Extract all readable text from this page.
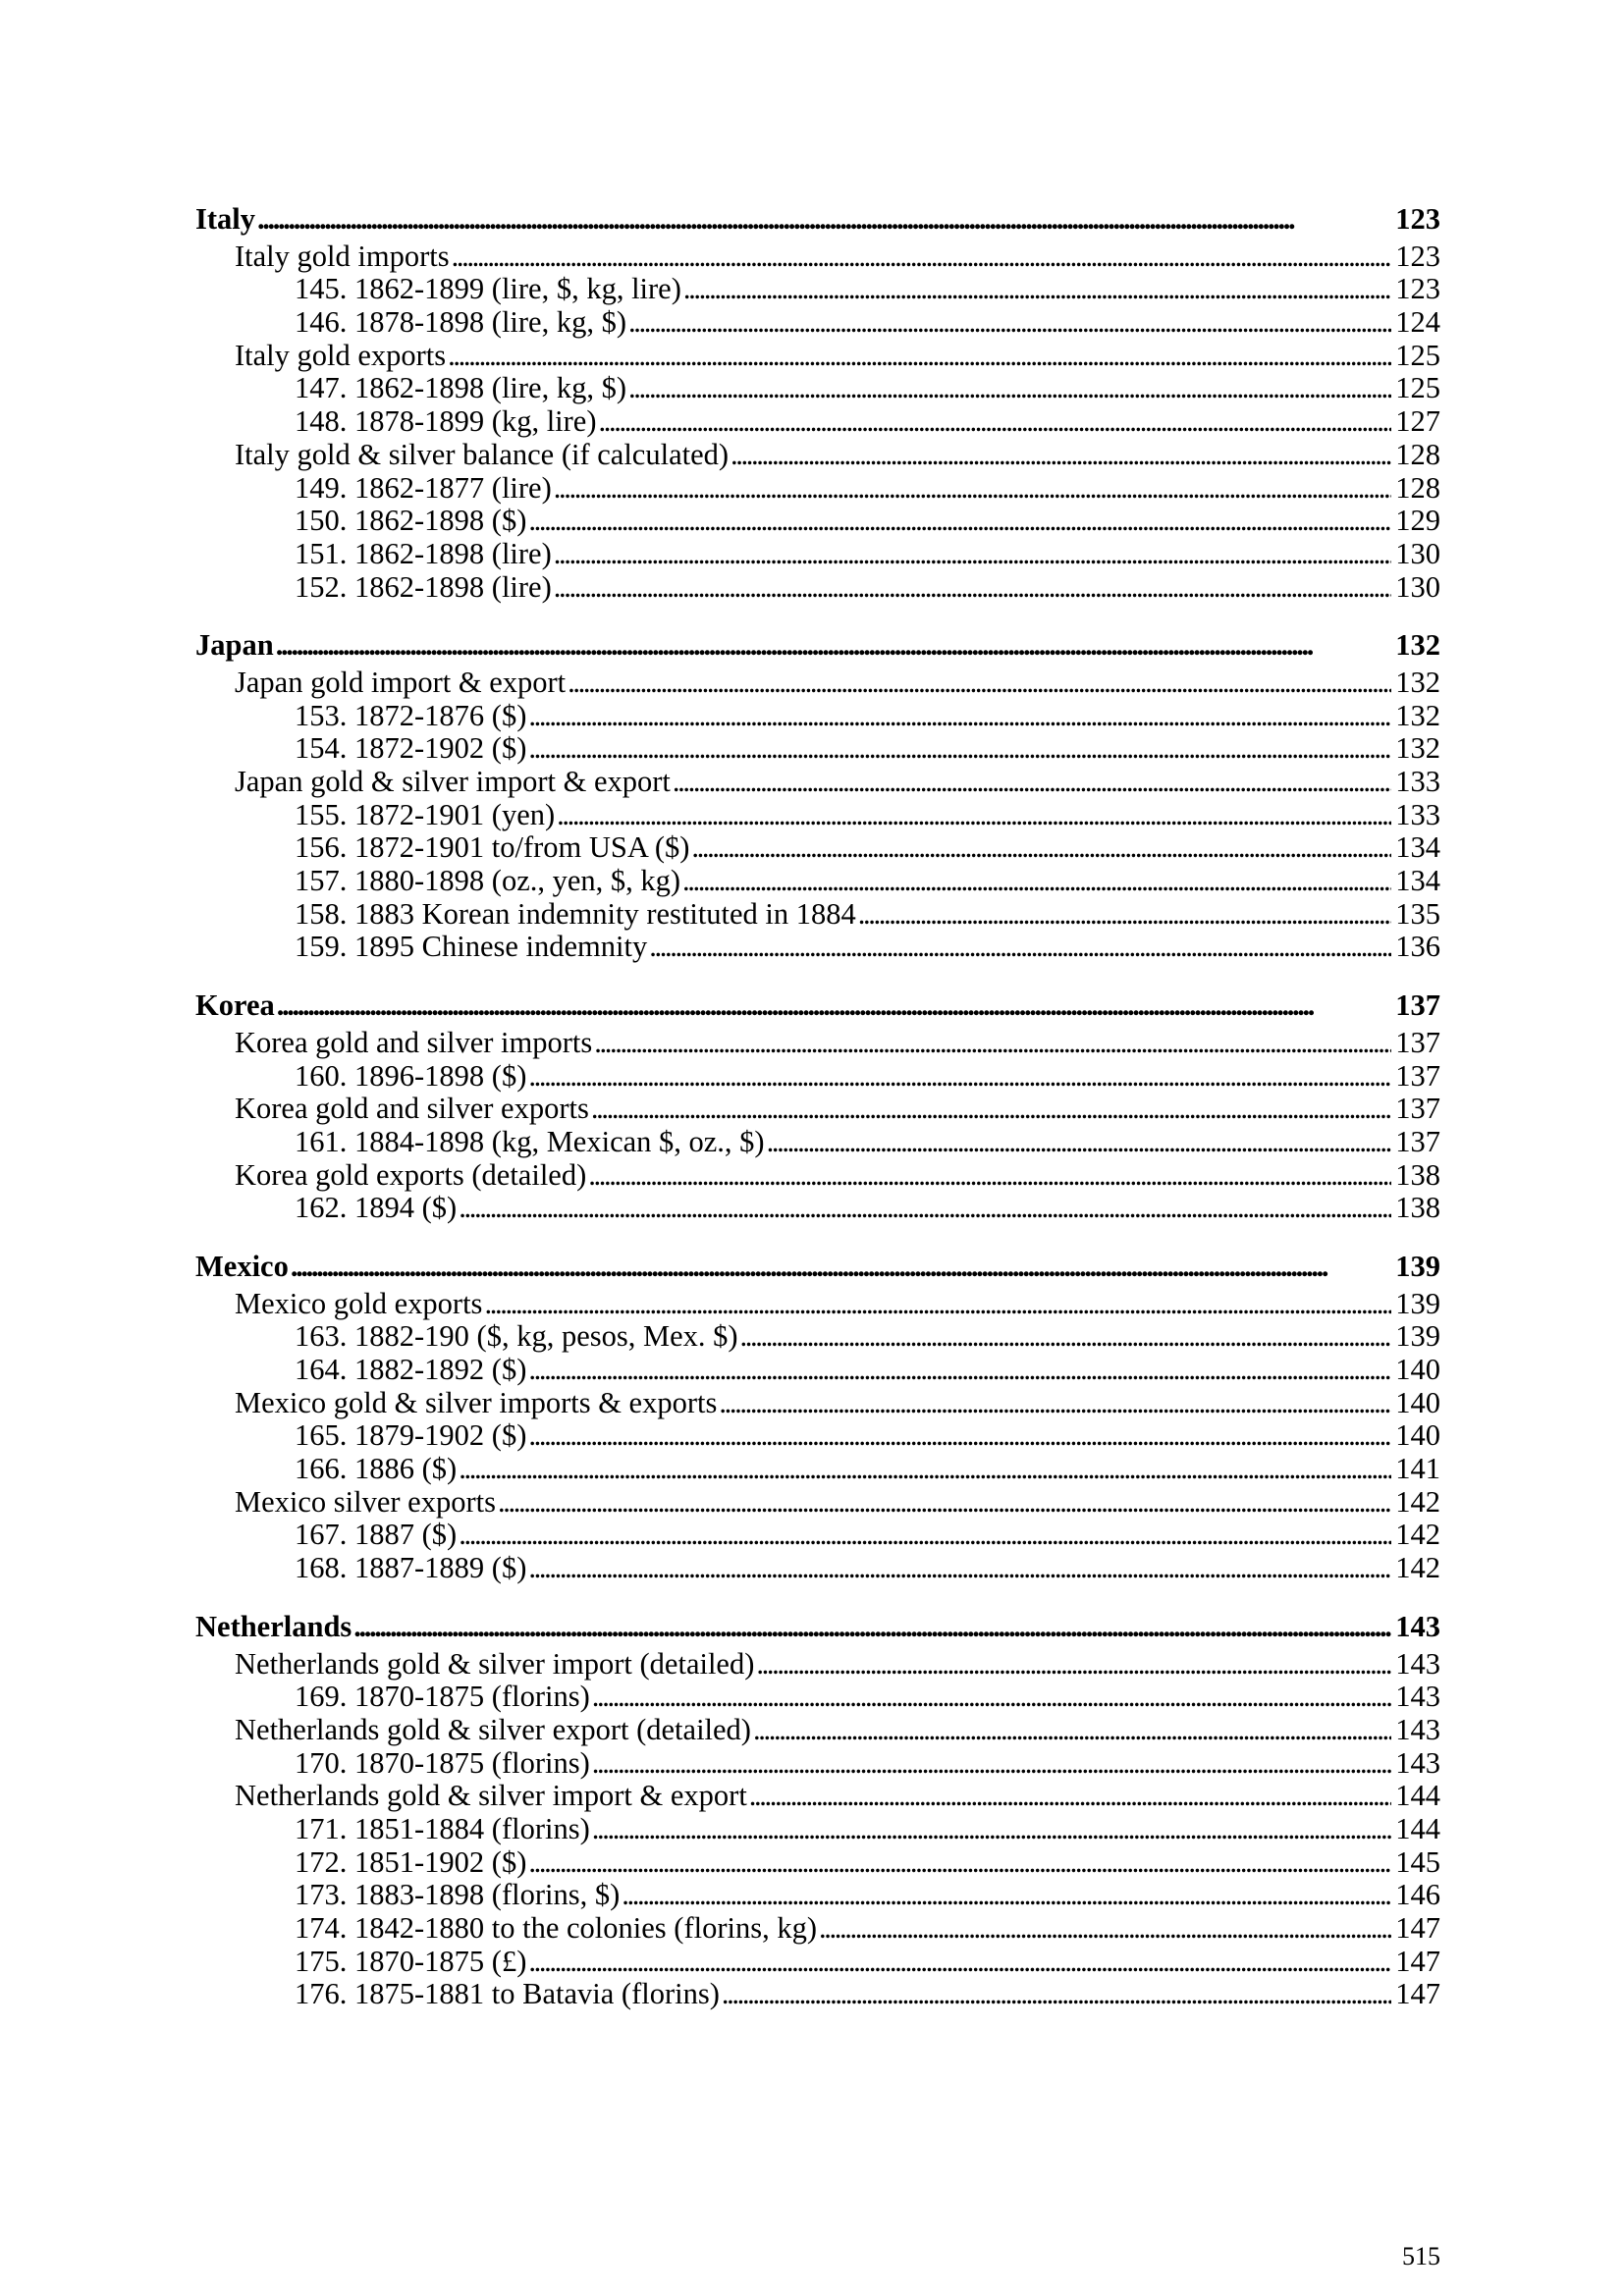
Italy . . .	123
Italy gold imports . . .	123
145. 1862-1899 (lire, $, kg, lire) . . .	123
146. 1878-1898 (lire, kg, $) . . .	124
Italy gold exports . . .	125
147. 1862-1898 (lire, kg, $) . . .	125
148. 1878-1899 (kg, lire) . . .	127
Italy gold & silver balance (if calculated) . . .	128
149. 1862-1877 (lire) . . .	128
150. 1862-1898 ($) . . .	129
151. 1862-1898 (lire) . . .	130
152. 1862-1898 (lire) . . .	130
Japan . . .	132
Japan gold import & export . . .	132
153. 1872-1876 ($) . . .	132
154. 1872-1902 ($) . . .	132
Japan gold & silver import & export . . .	133
155. 1872-1901 (yen) . . .	133
156. 1872-1901 to/from USA ($) . . .	134
157. 1880-1898 (oz., yen, $, kg) . . .	134
158. 1883 Korean indemnity restituted in 1884 . . .	135
159. 1895 Chinese indemnity . . .	136
Korea . . .	137
Korea gold and silver imports . . .	137
160. 1896-1898 ($) . . .	137
Korea gold and silver exports . . .	137
161. 1884-1898 (kg, Mexican $, oz., $) . . .	137
Korea gold exports (detailed) . . .	138
162. 1894 ($) . . .	138
Mexico . . .	139
Mexico gold exports . . .	139
163. 1882-190 ($, kg, pesos, Mex. $) . . .	139
164. 1882-1892 ($) . . .	140
Mexico gold & silver imports & exports . . .	140
165. 1879-1902 ($) . . .	140
166. 1886 ($) . . .	141
Mexico silver exports . . .	142
167. 1887 ($) . . .	142
168. 1887-1889 ($) . . .	142
Netherlands . . .	143
Netherlands gold & silver import (detailed) . . .	143
169. 1870-1875 (florins) . . .	143
Netherlands gold & silver export (detailed) . . .	143
170. 1870-1875 (florins) . . .	143
Netherlands gold & silver import & export . . .	144
171. 1851-1884 (florins) . . .	144
172. 1851-1902 ($) . . .	145
173. 1883-1898 (florins, $) . . .	146
174. 1842-1880 to the colonies (florins, kg) . . .	147
175. 1870-1875 (£) . . .	147
176. 1875-1881 to Batavia (florins) . . .	147
515
